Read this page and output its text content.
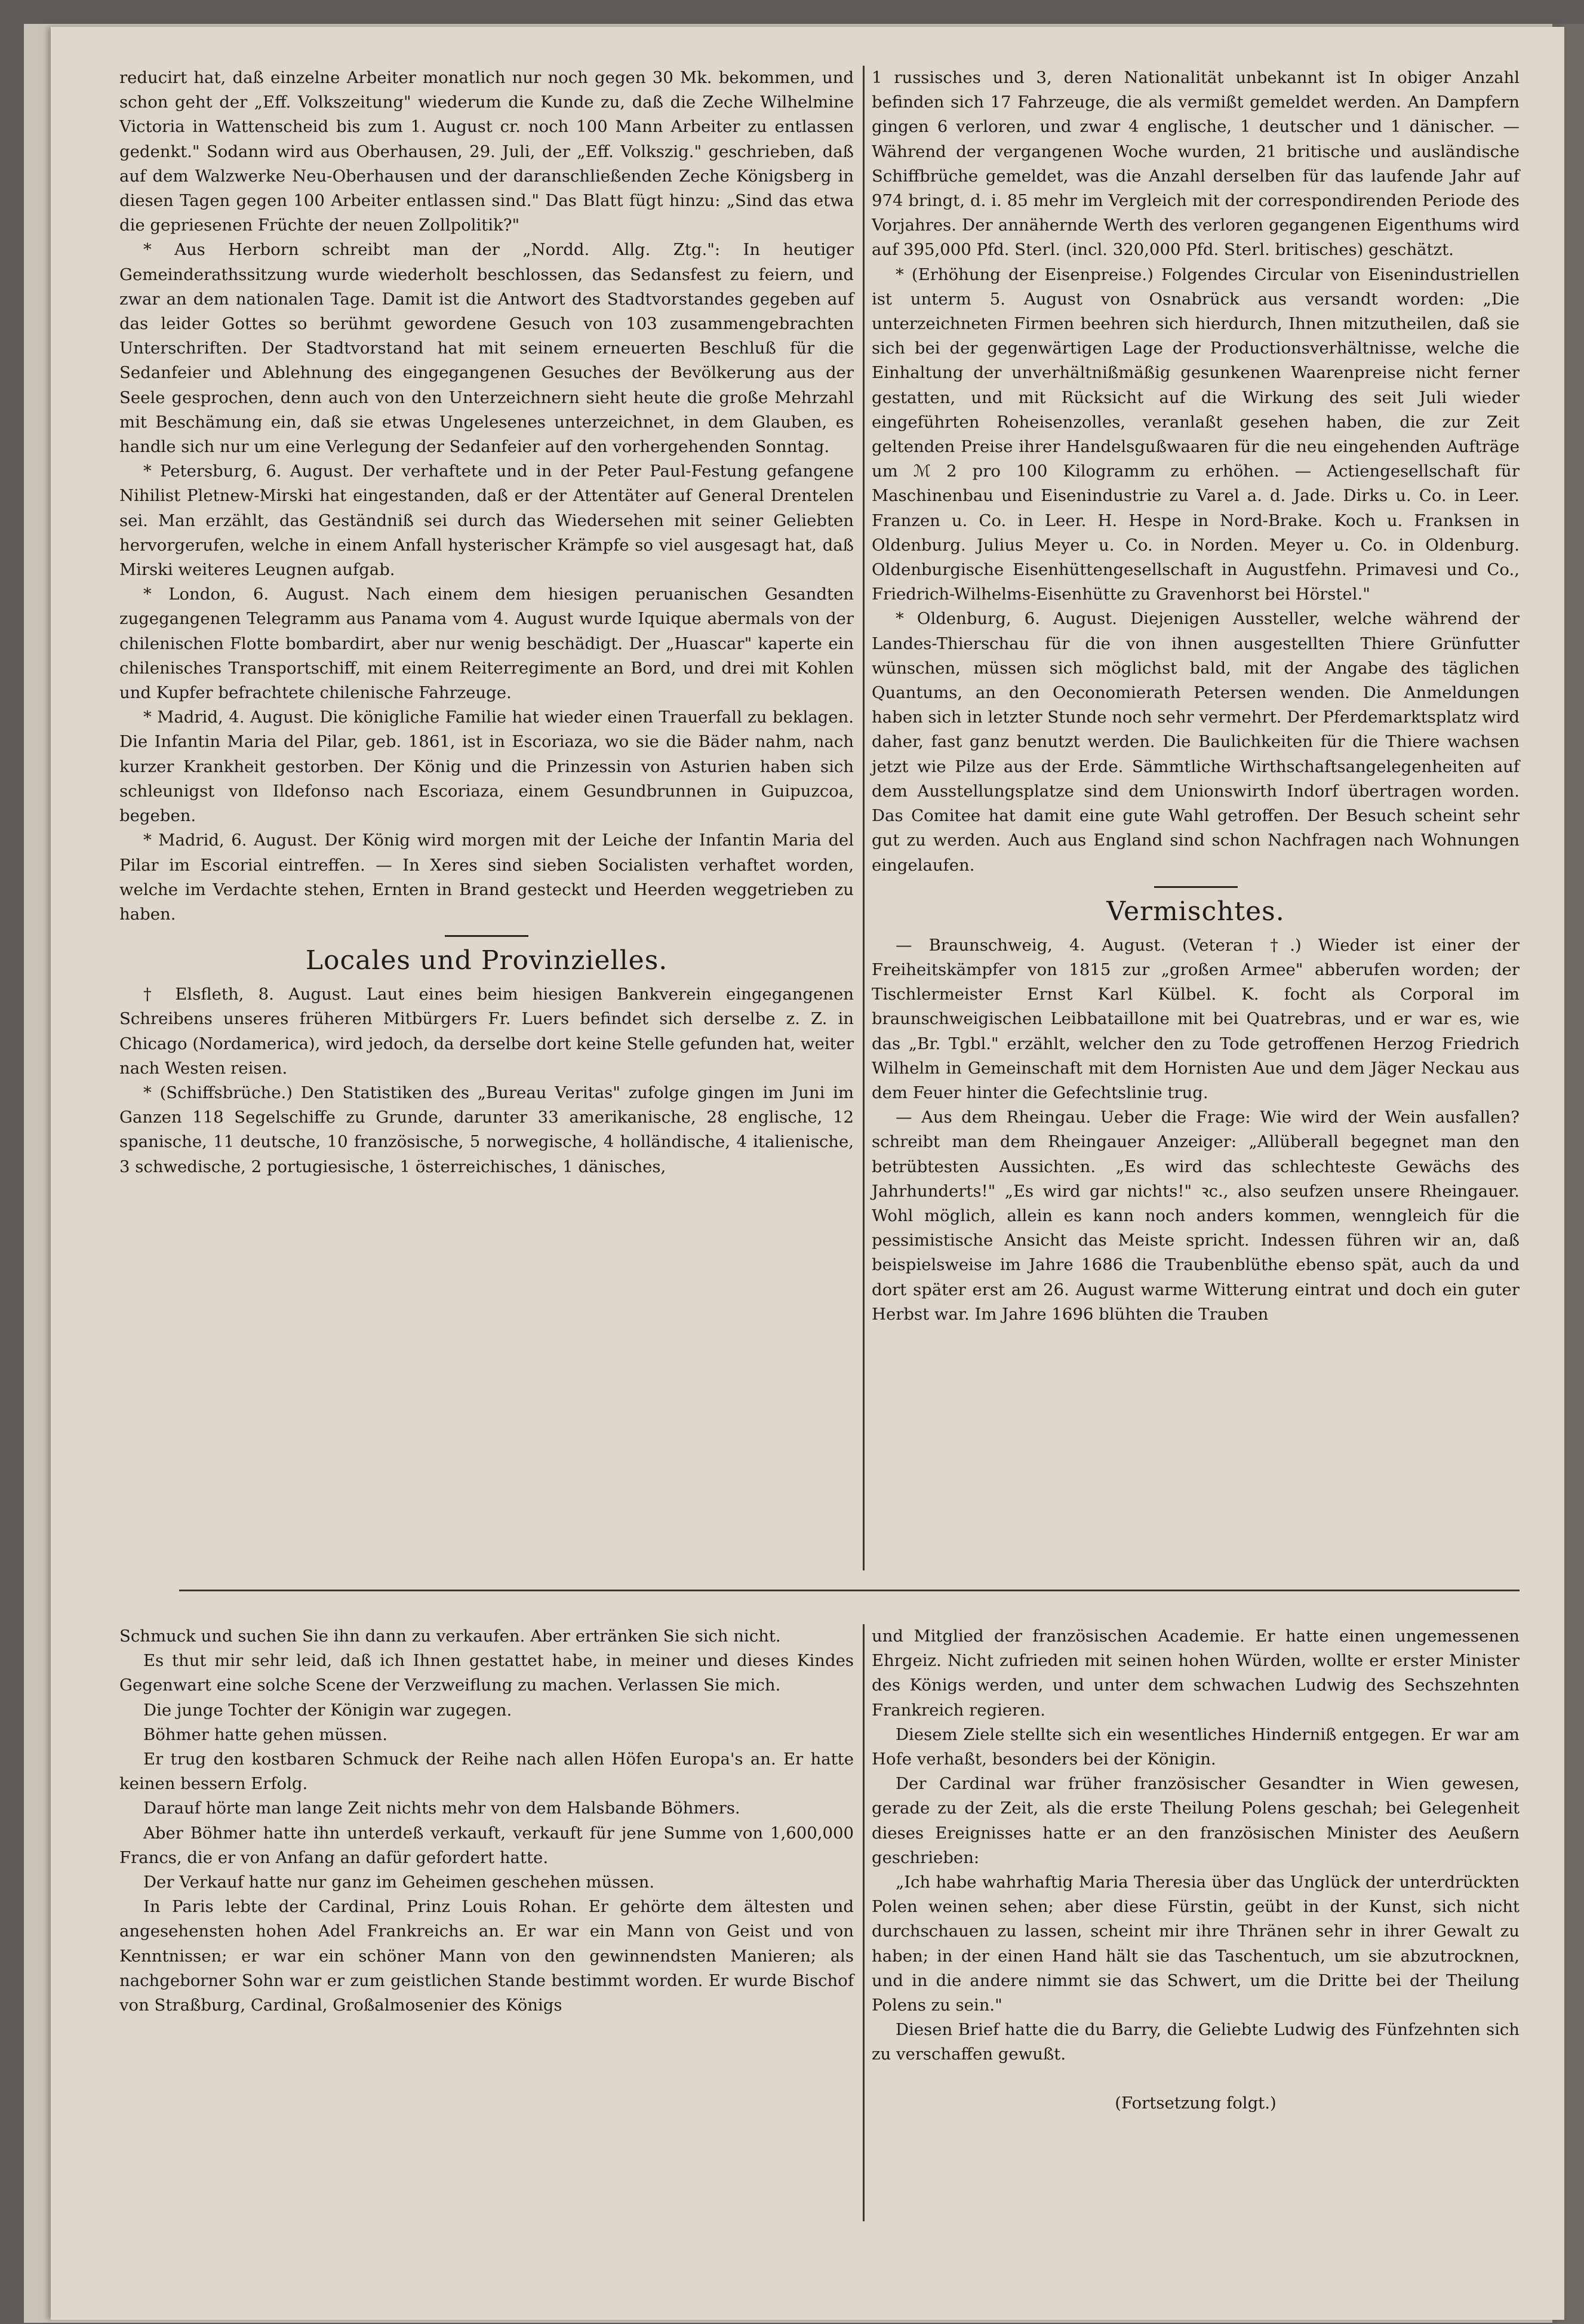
reducirt hat, daß einzelne Arbeiter monatlich nur noch gegen 30 Mk. bekommen, und schon geht der „Eff. Volkszeitung" wiederum die Kunde zu, daß die Zeche Wilhelmine Victoria in Wattenscheid bis zum 1. August cr. noch 100 Mann Arbeiter zu entlassen gedenkt." Sodann wird aus Oberhausen, 29. Juli, der „Eff. Volkszig." geschrieben, daß auf dem Walzwerke Neu-Oberhausen und der daranschließenden Zeche Königsberg in diesen Tagen gegen 100 Arbeiter entlassen sind." Das Blatt fügt hinzu: „Sind das etwa die gepriesenen Früchte der neuen Zollpolitik?"

* Aus Herborn schreibt man der „Nordd. Allg. Ztg.": In heutiger Gemeinderathssitzung wurde wiederholt beschlossen, das Sedansfest zu feiern, und zwar an dem nationalen Tage. Damit ist die Antwort des Stadtvorstandes gegeben auf das leider Gottes so berühmt gewordene Gesuch von 103 zusammengebrachten Unterschriften. Der Stadtvorstand hat mit seinem erneuerten Beschluß für die Sedanfeier und Ablehnung des eingegangenen Gesuches der Bevölkerung aus der Seele gesprochen, denn auch von den Unterzeichnern sieht heute die große Mehrzahl mit Beschämung ein, daß sie etwas Ungelesenes unterzeichnet, in dem Glauben, es handle sich nur um eine Verlegung der Sedanfeier auf den vorhergehenden Sonntag.

* Petersburg, 6. August. Der verhaftete und in der Peter Paul-Festung gefangene Nihilist Pletnew-Mirski hat eingestanden, daß er der Attentäter auf General Drentelen sei. Man erzählt, das Geständniß sei durch das Wiedersehen mit seiner Geliebten hervorgerufen, welche in einem Anfall hysterischer Krämpfe so viel ausgesagt hat, daß Mirski weiteres Leugnen aufgab.

* London, 6. August. Nach einem dem hiesigen peruanischen Gesandten zugegangenen Telegramm aus Panama vom 4. August wurde Iquique abermals von der chilenischen Flotte bombardirt, aber nur wenig beschädigt. Der „Huascar" kaperte ein chilenisches Transportschiff, mit einem Reiterregimente an Bord, und drei mit Kohlen und Kupfer befrachtete chilenische Fahrzeuge.

* Madrid, 4. August. Die königliche Familie hat wieder einen Trauerfall zu beklagen. Die Infantin Maria del Pilar, geb. 1861, ist in Escoriaza, wo sie die Bäder nahm, nach kurzer Krankheit gestorben. Der König und die Prinzessin von Asturien haben sich schleunigst von Ildefonso nach Escoriaza, einem Gesundbrunnen in Guipuzcoa, begeben.

* Madrid, 6. August. Der König wird morgen mit der Leiche der Infantin Maria del Pilar im Escorial eintreffen. — In Xeres sind sieben Socialisten verhaftet worden, welche im Verdachte stehen, Ernten in Brand gesteckt und Heerden weggetrieben zu haben.

Locales und Provinzielles.

† Elsfleth, 8. August. Laut eines beim hiesigen Bankverein eingegangenen Schreibens unseres früheren Mitbürgers Fr. Luers befindet sich derselbe z. Z. in Chicago (Nordamerica), wird jedoch, da derselbe dort keine Stelle gefunden hat, weiter nach Westen reisen.

* (Schiffsbrüche.) Den Statistiken des „Bureau Veritas" zufolge gingen im Juni im Ganzen 118 Segelschiffe zu Grunde, darunter 33 amerikanische, 28 englische, 12 spanische, 11 deutsche, 10 französische, 5 norwegische, 4 holländische, 4 italienische, 3 schwedische, 2 portugiesische, 1 österreichisches, 1 dänisches,

1 russisches und 3, deren Nationalität unbekannt ist In obiger Anzahl befinden sich 17 Fahrzeuge, die als vermißt gemeldet werden. An Dampfern gingen 6 verloren, und zwar 4 englische, 1 deutscher und 1 dänischer. — Während der vergangenen Woche wurden, 21 britische und ausländische Schiffbrüche gemeldet, was die Anzahl derselben für das laufende Jahr auf 974 bringt, d. i. 85 mehr im Vergleich mit der correspondirenden Periode des Vorjahres. Der annähernde Werth des verloren gegangenen Eigenthums wird auf 395,000 Pfd. Sterl. (incl. 320,000 Pfd. Sterl. britisches) geschätzt.

* (Erhöhung der Eisenpreise.) Folgendes Circular von Eisenindustriellen ist unterm 5. August von Osnabrück aus versandt worden: „Die unterzeichneten Firmen beehren sich hierdurch, Ihnen mitzutheilen, daß sie sich bei der gegenwärtigen Lage der Productionsverhältnisse, welche die Einhaltung der unverhältnißmäßig gesunkenen Waarenpreise nicht ferner gestatten, und mit Rücksicht auf die Wirkung des seit Juli wieder eingeführten Roheisenzolles, veranlaßt gesehen haben, die zur Zeit geltenden Preise ihrer Handelsgußwaaren für die neu eingehenden Aufträge um ℳ 2 pro 100 Kilogramm zu erhöhen. — Actiengesellschaft für Maschinenbau und Eisenindustrie zu Varel a. d. Jade. Dirks u. Co. in Leer. Franzen u. Co. in Leer. H. Hespe in Nord-Brake. Koch u. Franksen in Oldenburg. Julius Meyer u. Co. in Norden. Meyer u. Co. in Oldenburg. Oldenburgische Eisenhüttengesellschaft in Augustfehn. Primavesi und Co., Friedrich-Wilhelms-Eisenhütte zu Gravenhorst bei Hörstel."

* Oldenburg, 6. August. Diejenigen Aussteller, welche während der Landes-Thierschau für die von ihnen ausgestellten Thiere Grünfutter wünschen, müssen sich möglichst bald, mit der Angabe des täglichen Quantums, an den Oeconomierath Petersen wenden. Die Anmeldungen haben sich in letzter Stunde noch sehr vermehrt. Der Pferdemarktsplatz wird daher, fast ganz benutzt werden. Die Baulichkeiten für die Thiere wachsen jetzt wie Pilze aus der Erde. Sämmtliche Wirthschaftsangelegenheiten auf dem Ausstellungsplatze sind dem Unionswirth Indorf übertragen worden. Das Comitee hat damit eine gute Wahl getroffen. Der Besuch scheint sehr gut zu werden. Auch aus England sind schon Nachfragen nach Wohnungen eingelaufen.

Vermischtes.

— Braunschweig, 4. August. (Veteran †.) Wieder ist einer der Freiheitskämpfer von 1815 zur „großen Armee" abberufen worden; der Tischlermeister Ernst Karl Külbel. K. focht als Corporal im braunschweigischen Leibbataillone mit bei Quatrebras, und er war es, wie das „Br. Tgbl." erzählt, welcher den zu Tode getroffenen Herzog Friedrich Wilhelm in Gemeinschaft mit dem Hornisten Aue und dem Jäger Neckau aus dem Feuer hinter die Gefechtslinie trug.

— Aus dem Rheingau. Ueber die Frage: Wie wird der Wein ausfallen? schreibt man dem Rheingauer Anzeiger: „Allüberall begegnet man den betrübtesten Aussichten. „Es wird das schlechteste Gewächs des Jahrhunderts!" „Es wird gar nichts!" ꝛc., also seufzen unsere Rheingauer. Wohl möglich, allein es kann noch anders kommen, wenngleich für die pessimistische Ansicht das Meiste spricht. Indessen führen wir an, daß beispielsweise im Jahre 1686 die Traubenblüthe ebenso spät, auch da und dort später erst am 26. August warme Witterung eintrat und doch ein guter Herbst war. Im Jahre 1696 blühten die Trauben

Schmuck und suchen Sie ihn dann zu verkaufen. Aber ertränken Sie sich nicht.

Es thut mir sehr leid, daß ich Ihnen gestattet habe, in meiner und dieses Kindes Gegenwart eine solche Scene der Verzweiflung zu machen. Verlassen Sie mich.

Die junge Tochter der Königin war zugegen.

Böhmer hatte gehen müssen.

Er trug den kostbaren Schmuck der Reihe nach allen Höfen Europa's an. Er hatte keinen bessern Erfolg.

Darauf hörte man lange Zeit nichts mehr von dem Halsbande Böhmers.

Aber Böhmer hatte ihn unterdeß verkauft, verkauft für jene Summe von 1,600,000 Francs, die er von Anfang an dafür gefordert hatte.

Der Verkauf hatte nur ganz im Geheimen geschehen müssen.

In Paris lebte der Cardinal, Prinz Louis Rohan. Er gehörte dem ältesten und angesehensten hohen Adel Frankreichs an. Er war ein Mann von Geist und von Kenntnissen; er war ein schöner Mann von den gewinnendsten Manieren; als nachgeborner Sohn war er zum geistlichen Stande bestimmt worden. Er wurde Bischof von Straßburg, Cardinal, Großalmosenier des Königs

und Mitglied der französischen Academie. Er hatte einen ungemessenen Ehrgeiz. Nicht zufrieden mit seinen hohen Würden, wollte er erster Minister des Königs werden, und unter dem schwachen Ludwig des Sechszehnten Frankreich regieren.

Diesem Ziele stellte sich ein wesentliches Hinderniß entgegen. Er war am Hofe verhaßt, besonders bei der Königin.

Der Cardinal war früher französischer Gesandter in Wien gewesen, gerade zu der Zeit, als die erste Theilung Polens geschah; bei Gelegenheit dieses Ereignisses hatte er an den französischen Minister des Aeußern geschrieben:

„Ich habe wahrhaftig Maria Theresia über das Unglück der unterdrückten Polen weinen sehen; aber diese Fürstin, geübt in der Kunst, sich nicht durchschauen zu lassen, scheint mir ihre Thränen sehr in ihrer Gewalt zu haben; in der einen Hand hält sie das Taschentuch, um sie abzutrocknen, und in die andere nimmt sie das Schwert, um die Dritte bei der Theilung Polens zu sein."

Diesen Brief hatte die du Barry, die Geliebte Ludwig des Fünfzehnten sich zu verschaffen gewußt.

(Fortsetzung folgt.)
